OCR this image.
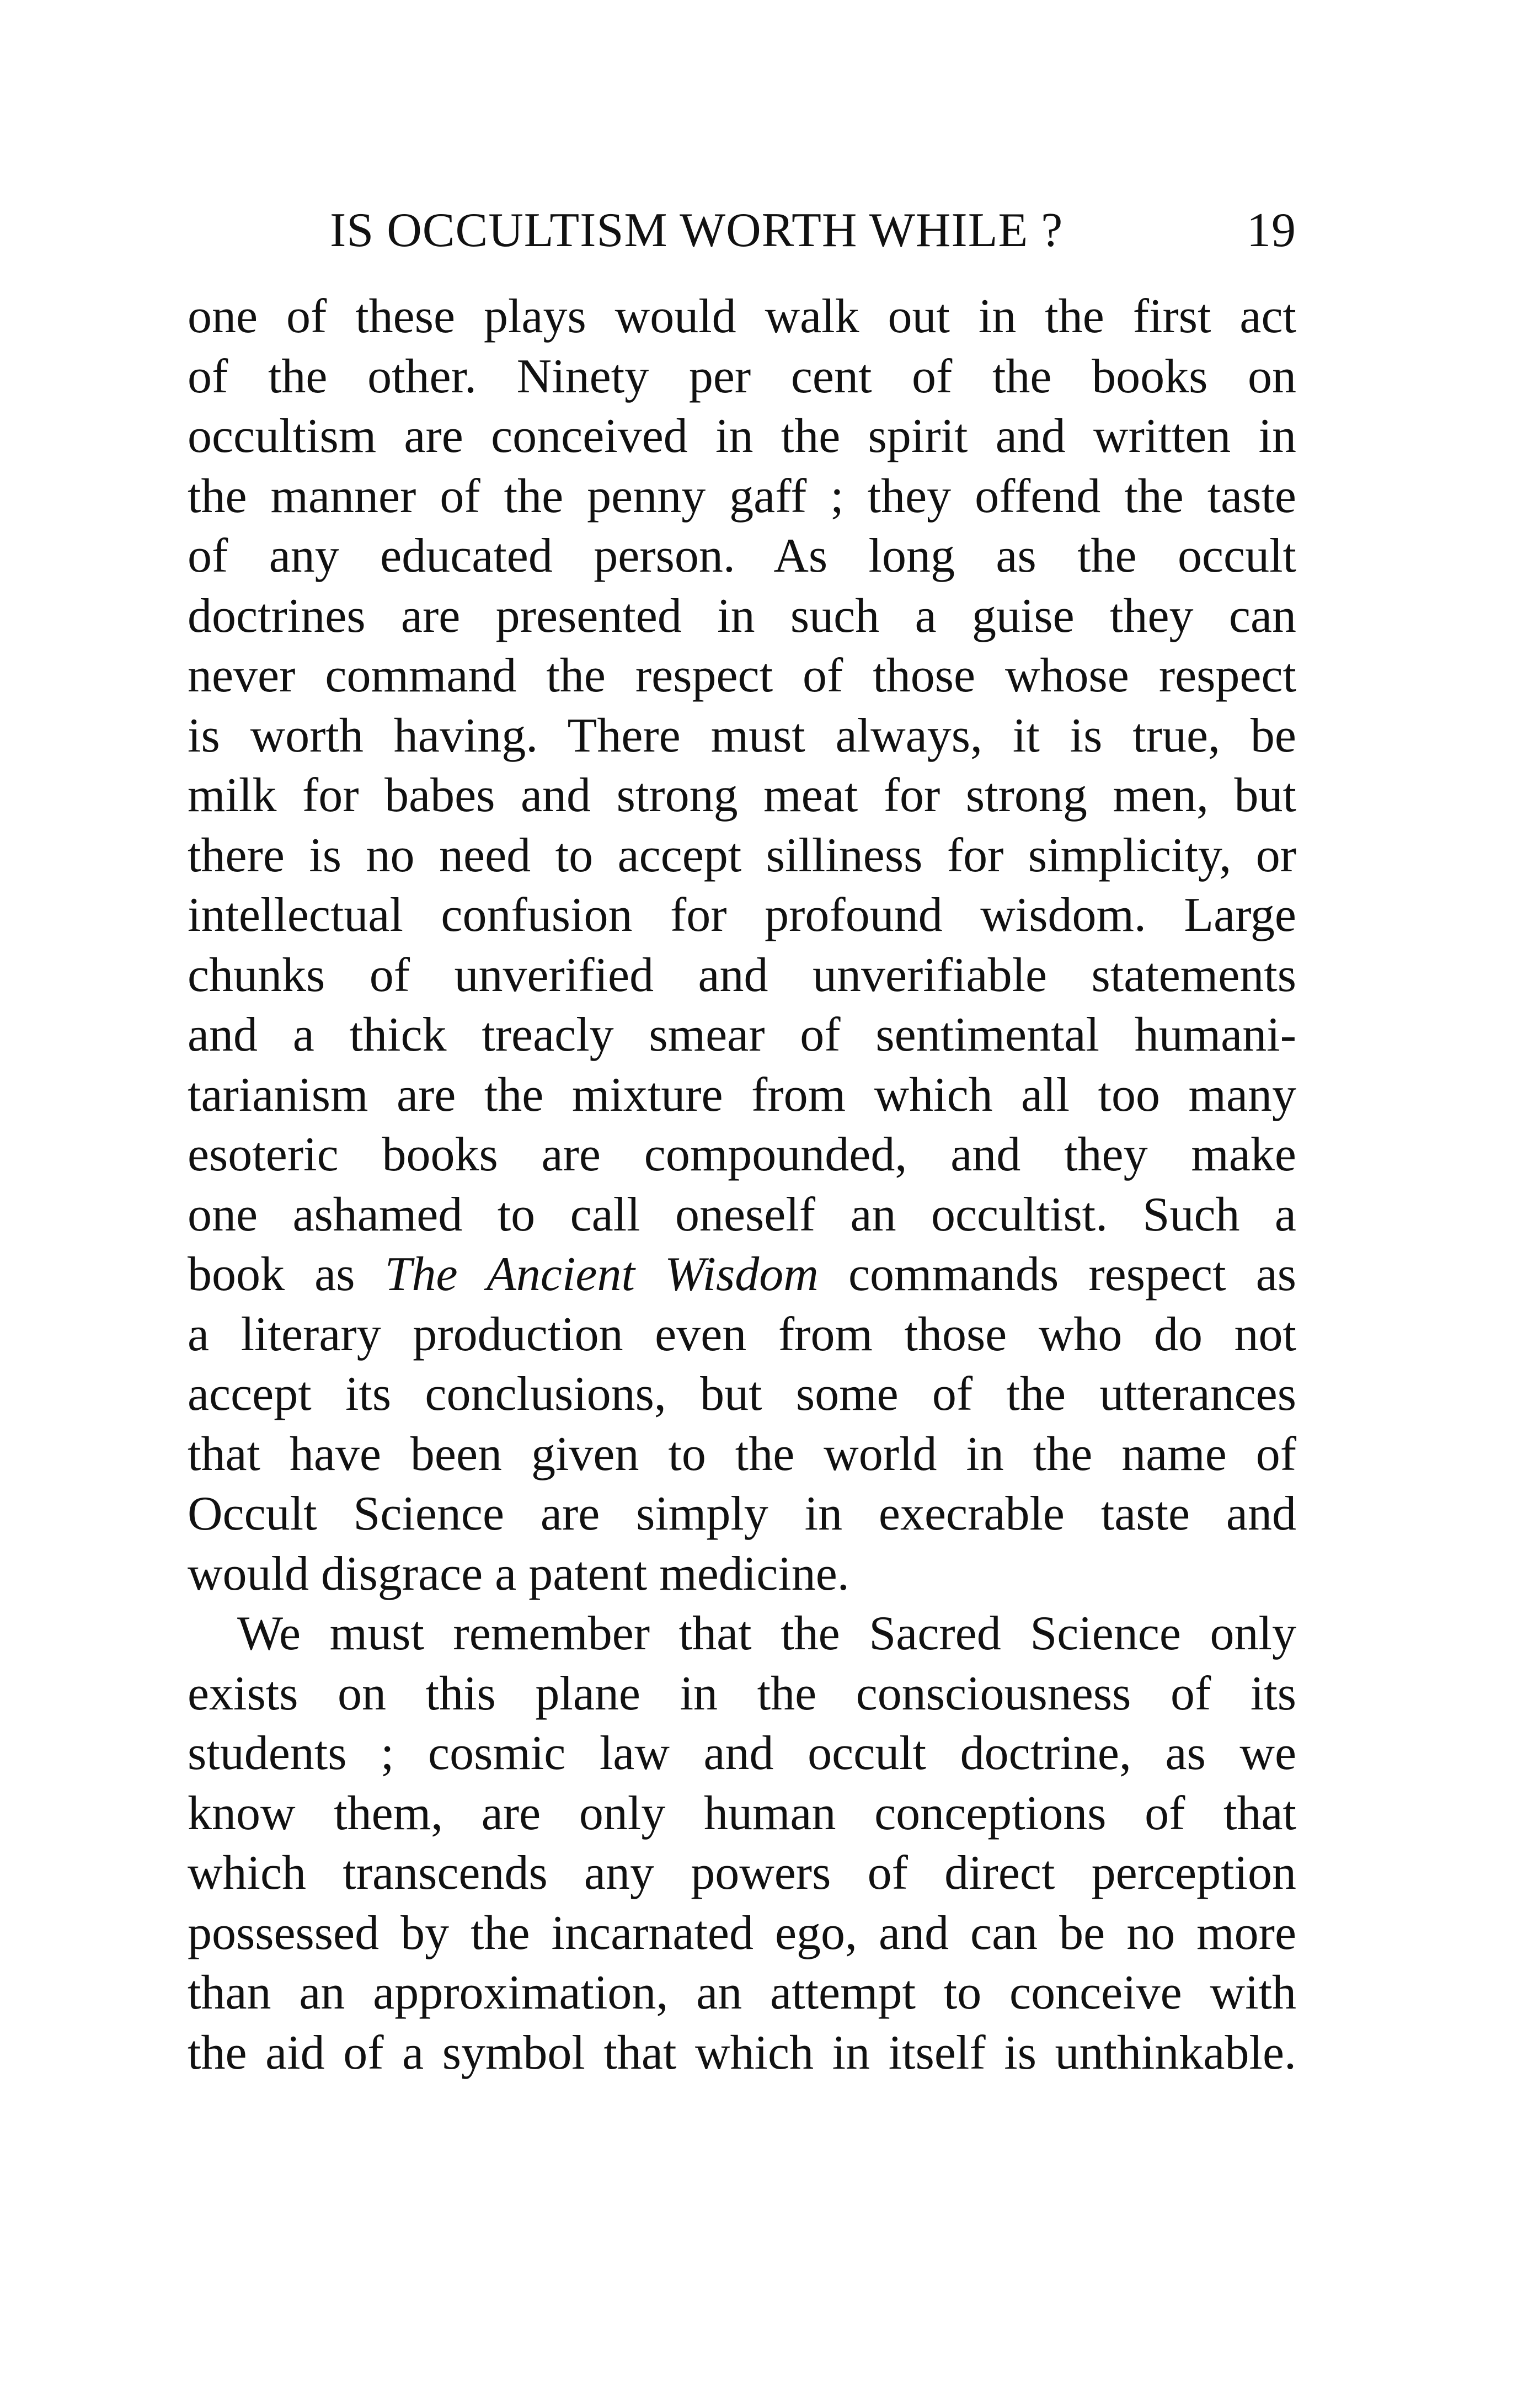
IS OCCULTISM WORTH WHILE ?	19
one of these plays would walk out in the first act
of the other. Ninety per cent of the books on
occultism are conceived in the spirit and written in
the manner of the penny gaff ; they offend the taste
of any educated person. As long as the occult
doctrines are presented in such a guise they can
never command the respect of those whose respect
is worth having. There must always, it is true, be
milk for babes and strong meat for strong men, but
there is no need to accept silliness for simplicity, or
intellectual confusion for profound wisdom. Large
chunks of unverified and unverifiable statements
and a thick treacly smear of sentimental humani-
tarianism are the mixture from which all too many
esoteric books are compounded, and they make
one ashamed to call oneself an occultist. Such a
book as The Ancient Wisdom commands respect as
a literary production even from those who do not
accept its conclusions, but some of the utterances
that have been given to the world in the name of
Occult Science are simply in execrable taste and
would disgrace a patent medicine.
We must remember that the Sacred Science only
exists on this plane in the consciousness of its
students ; cosmic law and occult doctrine, as we
know them, are only human conceptions of that
which transcends any powers of direct perception
possessed by the incarnated ego, and can be no more
than an approximation, an attempt to conceive with
the aid of a symbol that which in itself is unthinkable.
